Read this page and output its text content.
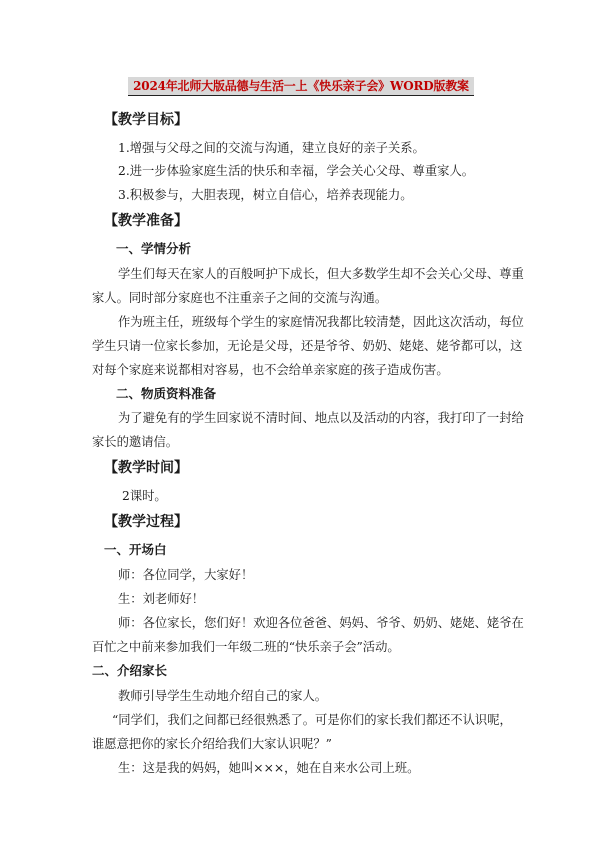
2024年北师大版品德与生活一上《快乐亲子会》WORD版教案
【教学目标】
1.增强与父母之间的交流与沟通，建立良好的亲子关系。
2.进一步体验家庭生活的快乐和幸福，学会关心父母、尊重家人。
3.积极参与，大胆表现，树立自信心，培养表现能力。
【教学准备】
一、学情分析
学生们每天在家人的百般呵护下成长，但大多数学生却不会关心父母、尊重
家人。同时部分家庭也不注重亲子之间的交流与沟通。
作为班主任，班级每个学生的家庭情况我都比较清楚，因此这次活动，每位
学生只请一位家长参加，无论是父母，还是爷爷、奶奶、姥姥、姥爷都可以，这
对每个家庭来说都相对容易，也不会给单亲家庭的孩子造成伤害。
二、物质资料准备
为了避免有的学生回家说不清时间、地点以及活动的内容，我打印了一封给
家长的邀请信。
【教学时间】
2课时。
【教学过程】
一、开场白
师：各位同学，大家好！
生：刘老师好！
师：各位家长，您们好！欢迎各位爸爸、妈妈、爷爷、奶奶、姥姥、姥爷在
百忙之中前来参加我们一年级二班的“快乐亲子会”活动。
二、介绍家长
教师引导学生生动地介绍自己的家人。
“同学们，我们之间都已经很熟悉了。可是你们的家长我们都还不认识呢，
谁愿意把你的家长介绍给我们大家认识呢？”
生：这是我的妈妈，她叫×××，她在自来水公司上班。
